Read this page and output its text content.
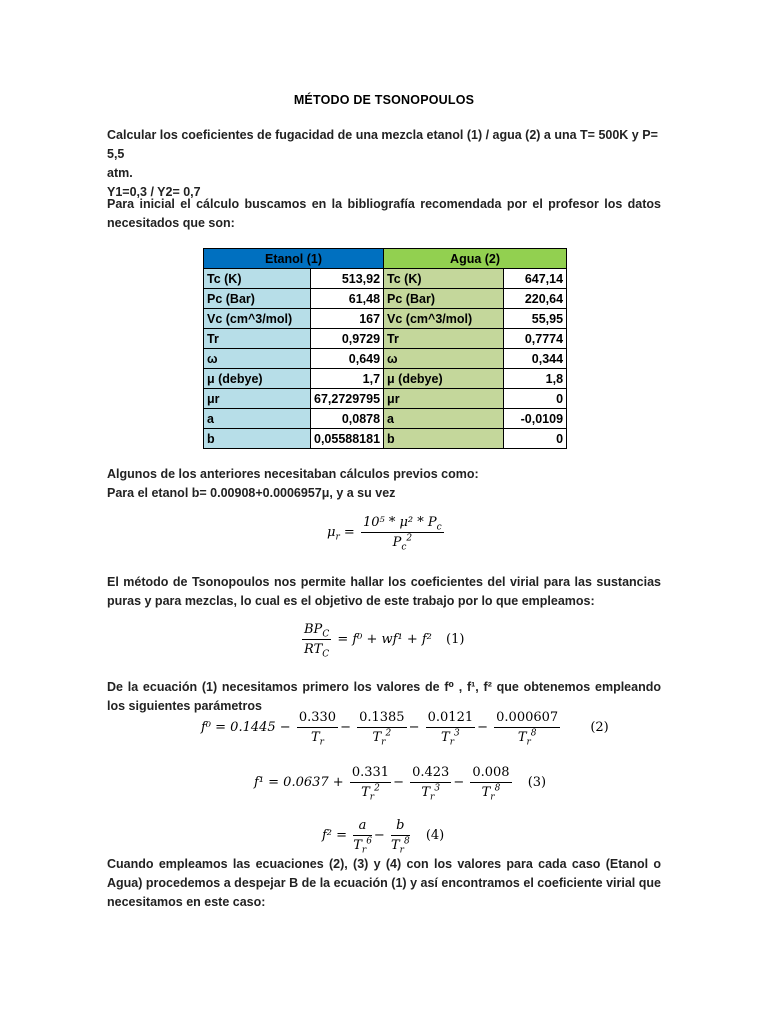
MÉTODO DE TSONOPOULOS
Calcular los coeficientes de fugacidad de una mezcla etanol (1) / agua (2) a una T= 500K y P= 5,5
atm.
Y1=0,3 / Y2= 0,7
Para inicial el cálculo buscamos en la bibliografía recomendada por el profesor los datos necesitados que son:
Etanol (1)		Agua (2)	
Tc (K)	513,92	Tc (K)	647,14
Pc (Bar)	61,48	Pc (Bar)	220,64
Vc (cm^3/mol)	167	Vc (cm^3/mol)	55,95
Tr	0,9729	Tr	0,7774
ω	0,649	ω	0,344
μ (debye)	1,7	μ (debye)	1,8
μr	67,2729795	μr	0
a	0,0878	a	-0,0109
b	0,05588181	b	0
Algunos de los anteriores necesitaban cálculos previos como:
Para el etanol b= 0.00908+0.0006957μ, y a su vez
$\mu_r = \frac{10^5 * \mu^2 * P_c}{P_c^2}$
El método de Tsonopoulos nos permite hallar los coeficientes del virial para las sustancias puras y para mezclas, lo cual es el objetivo de este trabajo por lo que empleamos:
$\frac{BP_C}{RT_C} = f^0 + wf^1 + f^2$ (1)
De la ecuación (1) necesitamos primero los valores de f⁰ , f¹, f² que obtenemos empleando los siguientes parámetros
$f^0 = 0.1445 - \frac{0.330}{T_r} - \frac{0.1385}{T_r^2} - \frac{0.0121}{T_r^3} - \frac{0.000607}{T_r^8} (2)$
$f^1 = 0.0637 + \frac{0.331}{T_r^2} - \frac{0.423}{T_r^3} - \frac{0.008}{T_r^8} (3)$
$f^2 = \frac{a}{T_r^6} - \frac{b}{T_r^8} (4)$
Cuando empleamos las ecuaciones (2), (3) y (4) con los valores para cada caso (Etanol o Agua) procedemos a despejar B de la ecuación (1) y así encontramos el coeficiente virial que necesitamos en este caso:
